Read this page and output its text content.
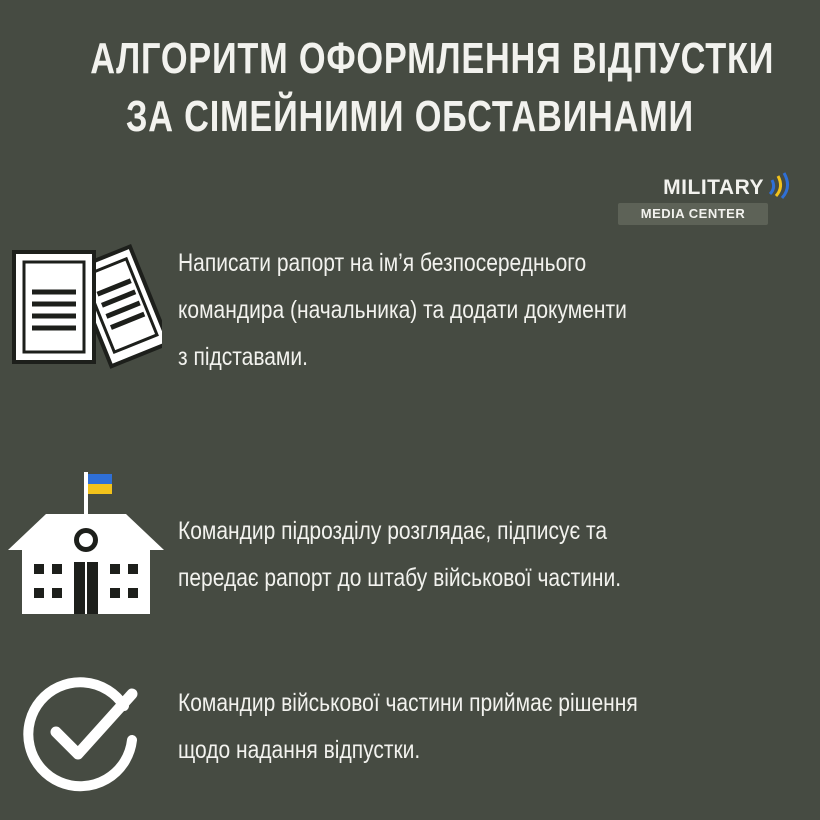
АЛГОРИТМ ОФОРМЛЕННЯ ВІДПУСТКИ
ЗА СІМЕЙНИМИ ОБСТАВИНАМИ
MILITARY
MEDIA CENTER
Написати рапорт на ім’я безпосереднього
командира (начальника) та додати документи
з підставами.
Командир підрозділу розглядає, підписує та
передає рапорт до штабу військової частини.
Командир військової частини приймає рішення
щодо надання відпустки.
